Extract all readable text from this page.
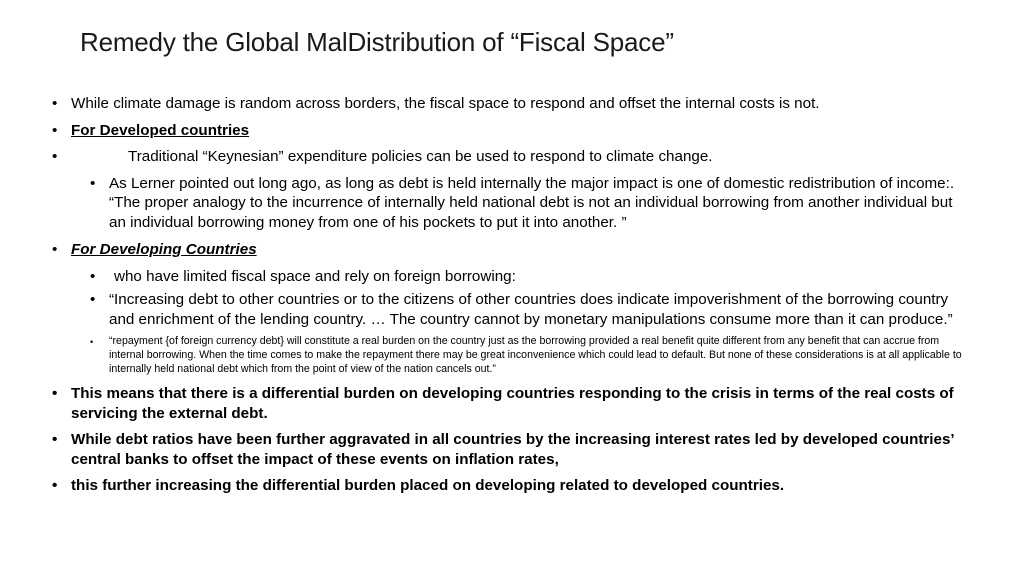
Remedy the Global MalDistribution of “Fiscal Space”
• While climate damage is random across borders, the fiscal space to respond and offset the internal costs is not.
• For Developed countries
• Traditional “Keynesian” expenditure policies can be used to respond to climate change.
• As Lerner pointed out long ago, as long as debt is held internally the major impact is one of domestic redistribution of income:. “The proper analogy to the incurrence of internally held national debt is not an individual borrowing from another individual but an individual borrowing money from one of his pockets to put it into another. ”
• For Developing Countries
• who have limited fiscal space and rely on foreign borrowing:
• “Increasing debt to other countries or to the citizens of other countries does indicate impoverishment of the borrowing country and enrichment of the lending country. … The country cannot by monetary manipulations consume more than it can produce.”
• “repayment {of foreign currency debt} will constitute a real burden on the country just as the borrowing provided a real benefit quite different from any benefit that can accrue from internal borrowing. When the time comes to make the repayment there may be great inconvenience which could lead to default. But none of these considerations is at all applicable to internally held national debt which from the point of view of the nation cancels out.”
• This means that there is a differential burden on developing countries responding to the crisis in terms of the real costs of servicing the external debt.
• While debt ratios have been further aggravated in all countries by the increasing interest rates led by developed countries’ central banks to offset the impact of these events on inflation rates,
• this further increasing the differential burden placed on developing related to developed countries.
